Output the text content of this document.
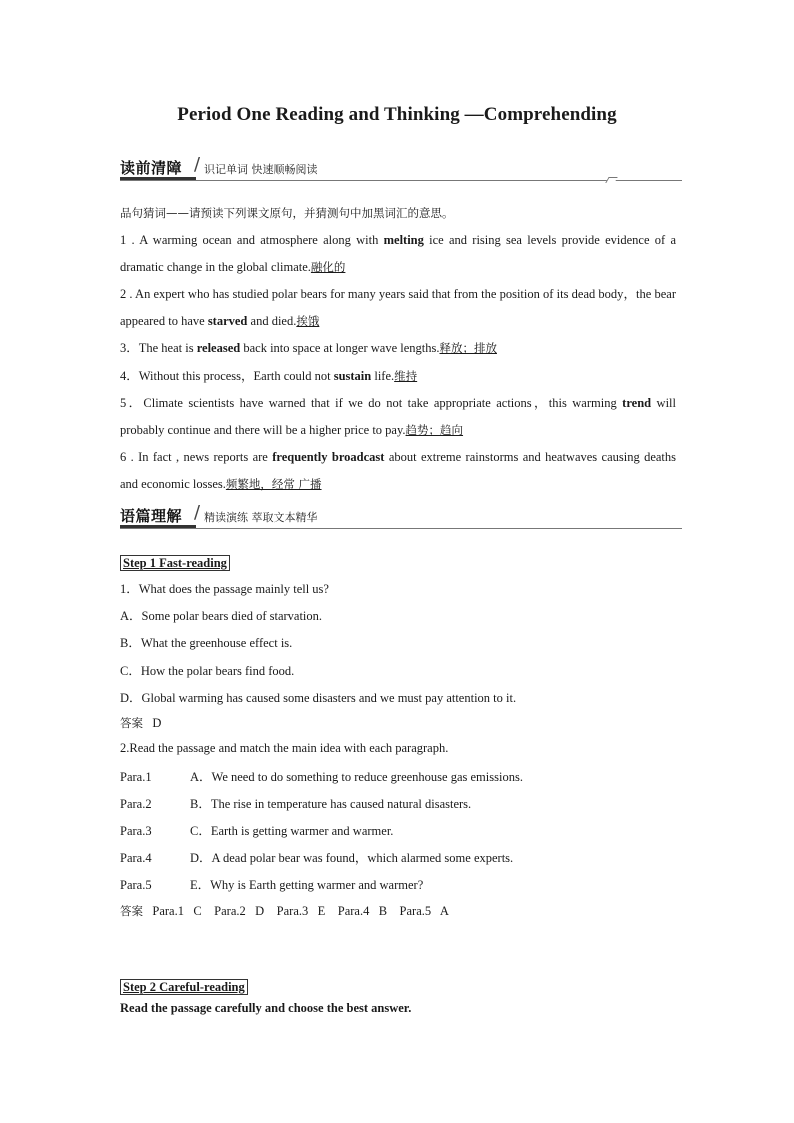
Period One Reading and Thinking —Comprehending
读前清障 / 识记单词 快速顺畅阅读
品句猜词——请预读下列课文原句，并猜测句中加黑词汇的意思。
1 . A warming ocean and atmosphere along with melting ice and rising sea levels provide evidence of a dramatic change in the global climate.融化的
2 . An expert who has studied polar bears for many years said that from the position of its dead body，the bear appeared to have starved and died.挨饿
3．The heat is released back into space at longer wave lengths.释放；排放
4．Without this process，Earth could not sustain life.维持
5．Climate scientists have warned that if we do not take appropriate actions，this warming trend will probably continue and there will be a higher price to pay.趋势；趋向
6 . In fact , news reports are frequently broadcast about extreme rainstorms and heatwaves causing deaths and economic losses.频繁地，经常 广播
语篇理解 / 精读演练 萃取文本精华
Step 1 Fast-reading
1．What does the passage mainly tell us?
A．Some polar bears died of starvation.
B．What the greenhouse effect is.
C．How the polar bears find food.
D．Global warming has caused some disasters and we must pay attention to it.
答案 D
2.Read the passage and match the main idea with each paragraph.
Para.1	A．We need to do something to reduce greenhouse gas emissions.
Para.2	B．The rise in temperature has caused natural disasters.
Para.3	C．Earth is getting warmer and warmer.
Para.4	D．A dead polar bear was found，which alarmed some experts.
Para.5	E．Why is Earth getting warmer and warmer?
答案 Para.1   C    Para.2   D    Para.3   E    Para.4   B    Para.5   A
Step 2 Careful-reading
Read the passage carefully and choose the best answer.
